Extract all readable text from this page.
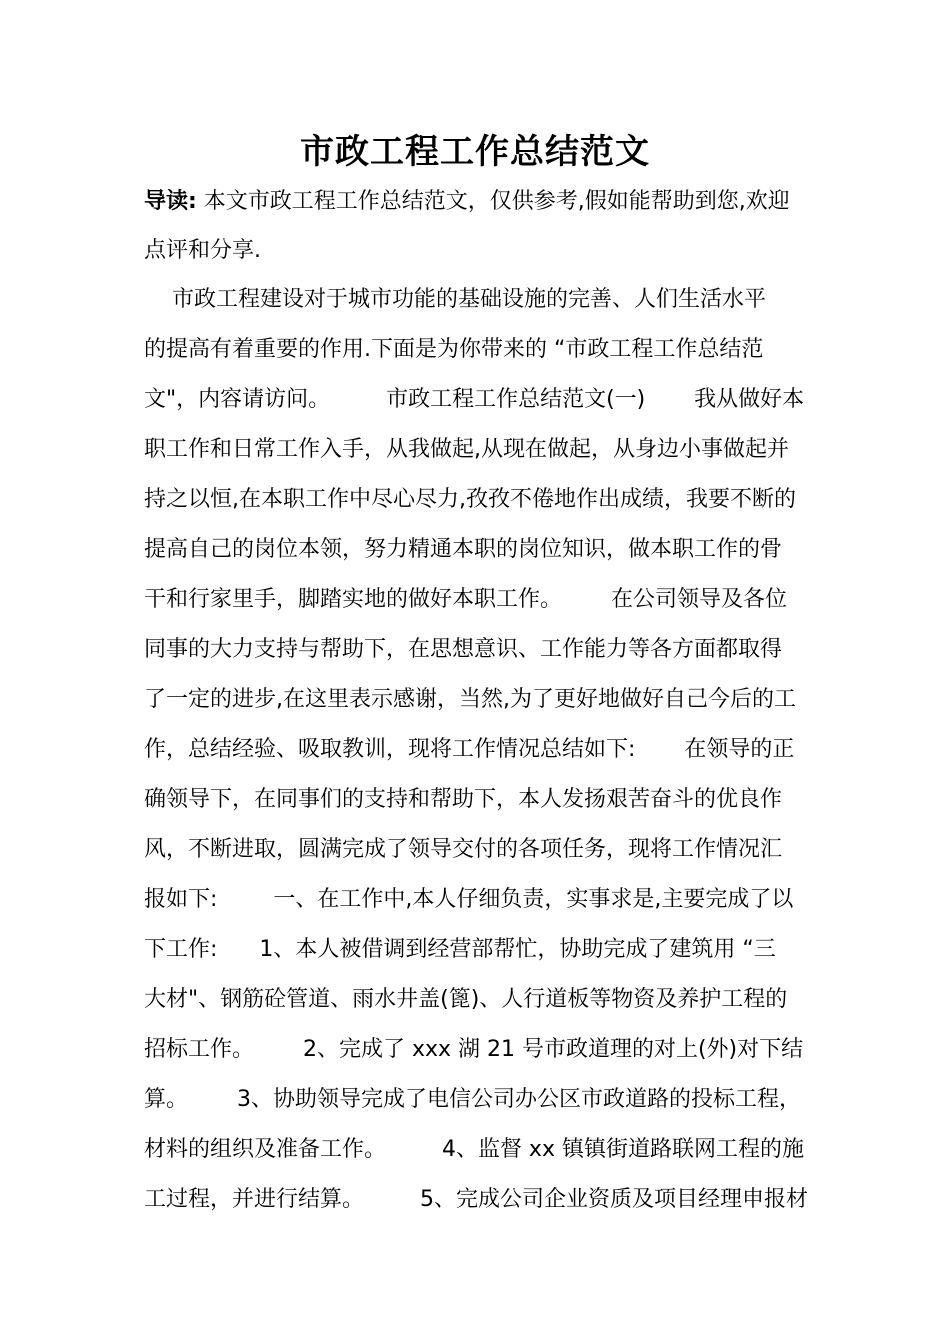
市政工程工作总结范文
导读: 本文市政工程工作总结范文，仅供参考,假如能帮助到您,欢迎
点评和分享.
市政工程建设对于城市功能的基础设施的完善、人们生活水平
的提高有着重要的作用.下面是为你带来的 “市政工程工作总结范
文"，内容请访问。        市政工程工作总结范文(一)       我从做好本
职工作和日常工作入手，从我做起,从现在做起，从身边小事做起并
持之以恒,在本职工作中尽心尽力,孜孜不倦地作出成绩，我要不断的
提高自己的岗位本领，努力精通本职的岗位知识，做本职工作的骨
干和行家里手，脚踏实地的做好本职工作。       在公司领导及各位
同事的大力支持与帮助下，在思想意识、工作能力等各方面都取得
了一定的进步,在这里表示感谢，当然,为了更好地做好自己今后的工
作，总结经验、吸取教训，现将工作情况总结如下:       在领导的正
确领导下，在同事们的支持和帮助下，本人发扬艰苦奋斗的优良作
风，不断进取，圆满完成了领导交付的各项任务，现将工作情况汇
报如下:        一、在工作中,本人仔细负责，实事求是,主要完成了以
下工作:      1、本人被借调到经营部帮忙，协助完成了建筑用 “三
大材"、钢筋砼管道、雨水井盖(篦)、人行道板等物资及养护工程的
招标工作。       2、完成了 xxx 湖 21 号市政道理的对上(外)对下结
算。       3、协助领导完成了电信公司办公区市政道路的投标工程，
材料的组织及准备工作。        4、监督 xx 镇镇街道路联网工程的施
工过程，并进行结算。        5、完成公司企业资质及项目经理申报材
